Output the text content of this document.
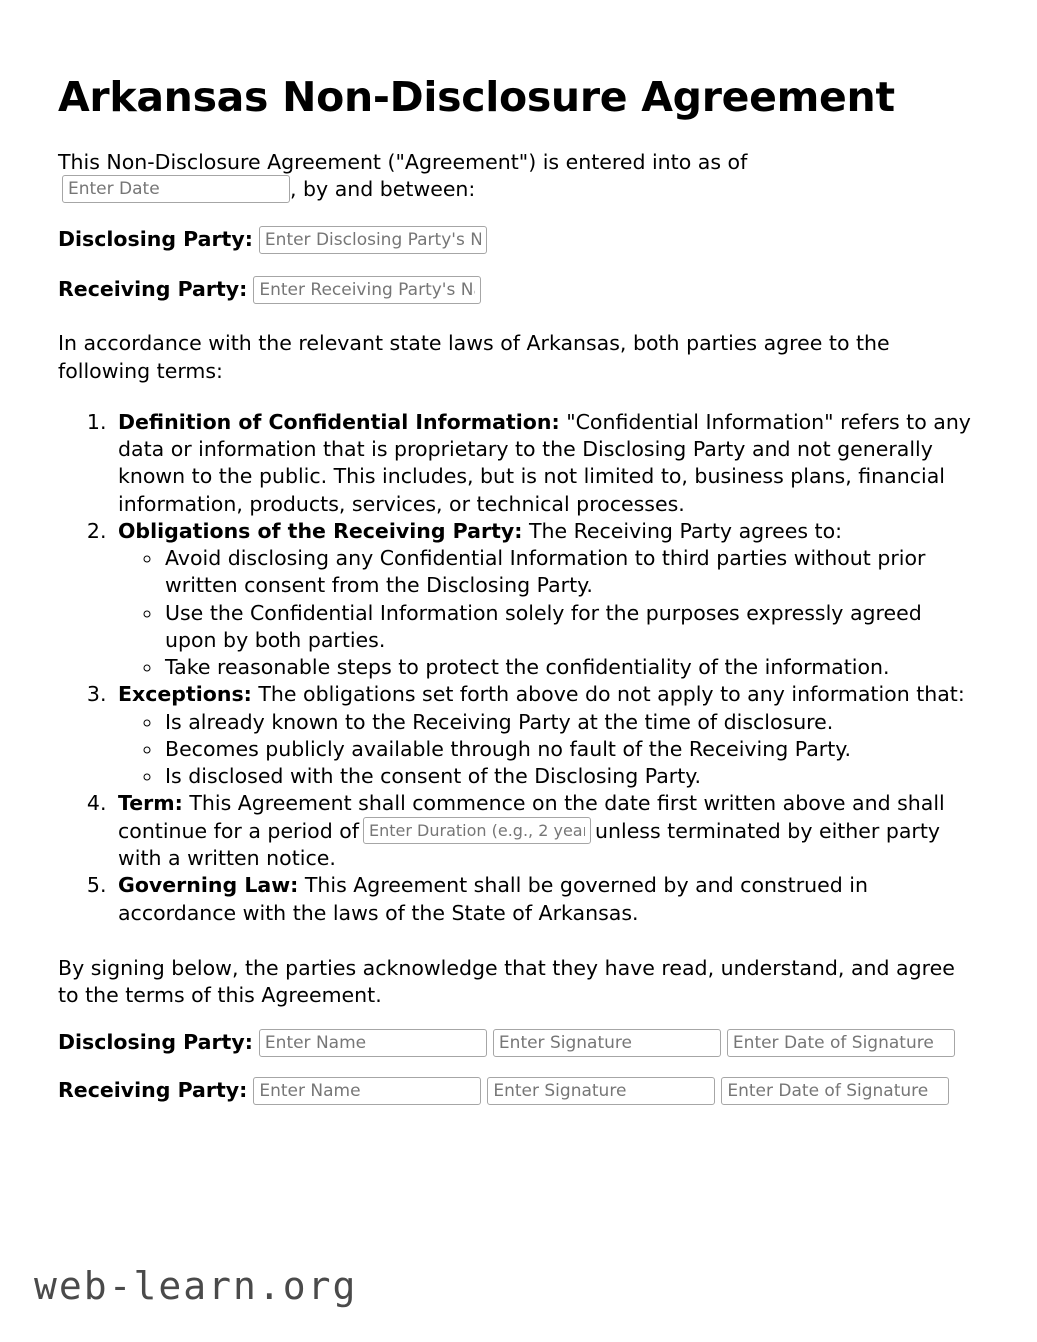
Arkansas Non-Disclosure Agreement

This Non-Disclosure Agreement ("Agreement") is entered into as ofEnter Date, by and between:

Disclosing Party:Enter Disclosing Party's Name
Receiving Party:Enter Receiving Party's Name

In accordance with the relevant state laws of Arkansas, both parties agree to the following terms:

1. Definition of Confidential Information: "Confidential Information" refers to any data or information that is proprietary to the Disclosing Party and not generally known to the public. This includes, but is not limited to, business plans, financial information, products, services, or technical processes.
2. Obligations of the Receiving Party: The Receiving Party agrees to:
◦ Avoid disclosing any Confidential Information to third parties without prior written consent from the Disclosing Party.
◦ Use the Confidential Information solely for the purposes expressly agreed upon by both parties.
◦ Take reasonable steps to protect the confidentiality of the information.
3. Exceptions: The obligations set forth above do not apply to any information that:
◦ Is already known to the Receiving Party at the time of disclosure.
◦ Becomes publicly available through no fault of the Receiving Party.
◦ Is disclosed with the consent of the Disclosing Party.
4. Term: This Agreement shall commence on the date first written above and shall continue for a period ofEnter Duration (e.g., 2 years)	unless terminated by either party with a written notice.
5. Governing Law: This Agreement shall be governed by and construed in accordance with the laws of the State of Arkansas.

By signing below, the parties acknowledge that they have read, understand, and agree to the terms of this Agreement.

Disclosing Party:Enter NameEnter SignatureEnter Date of Signature
Receiving Party:Enter NameEnter SignatureEnter Date of Signature
web-learn.org
